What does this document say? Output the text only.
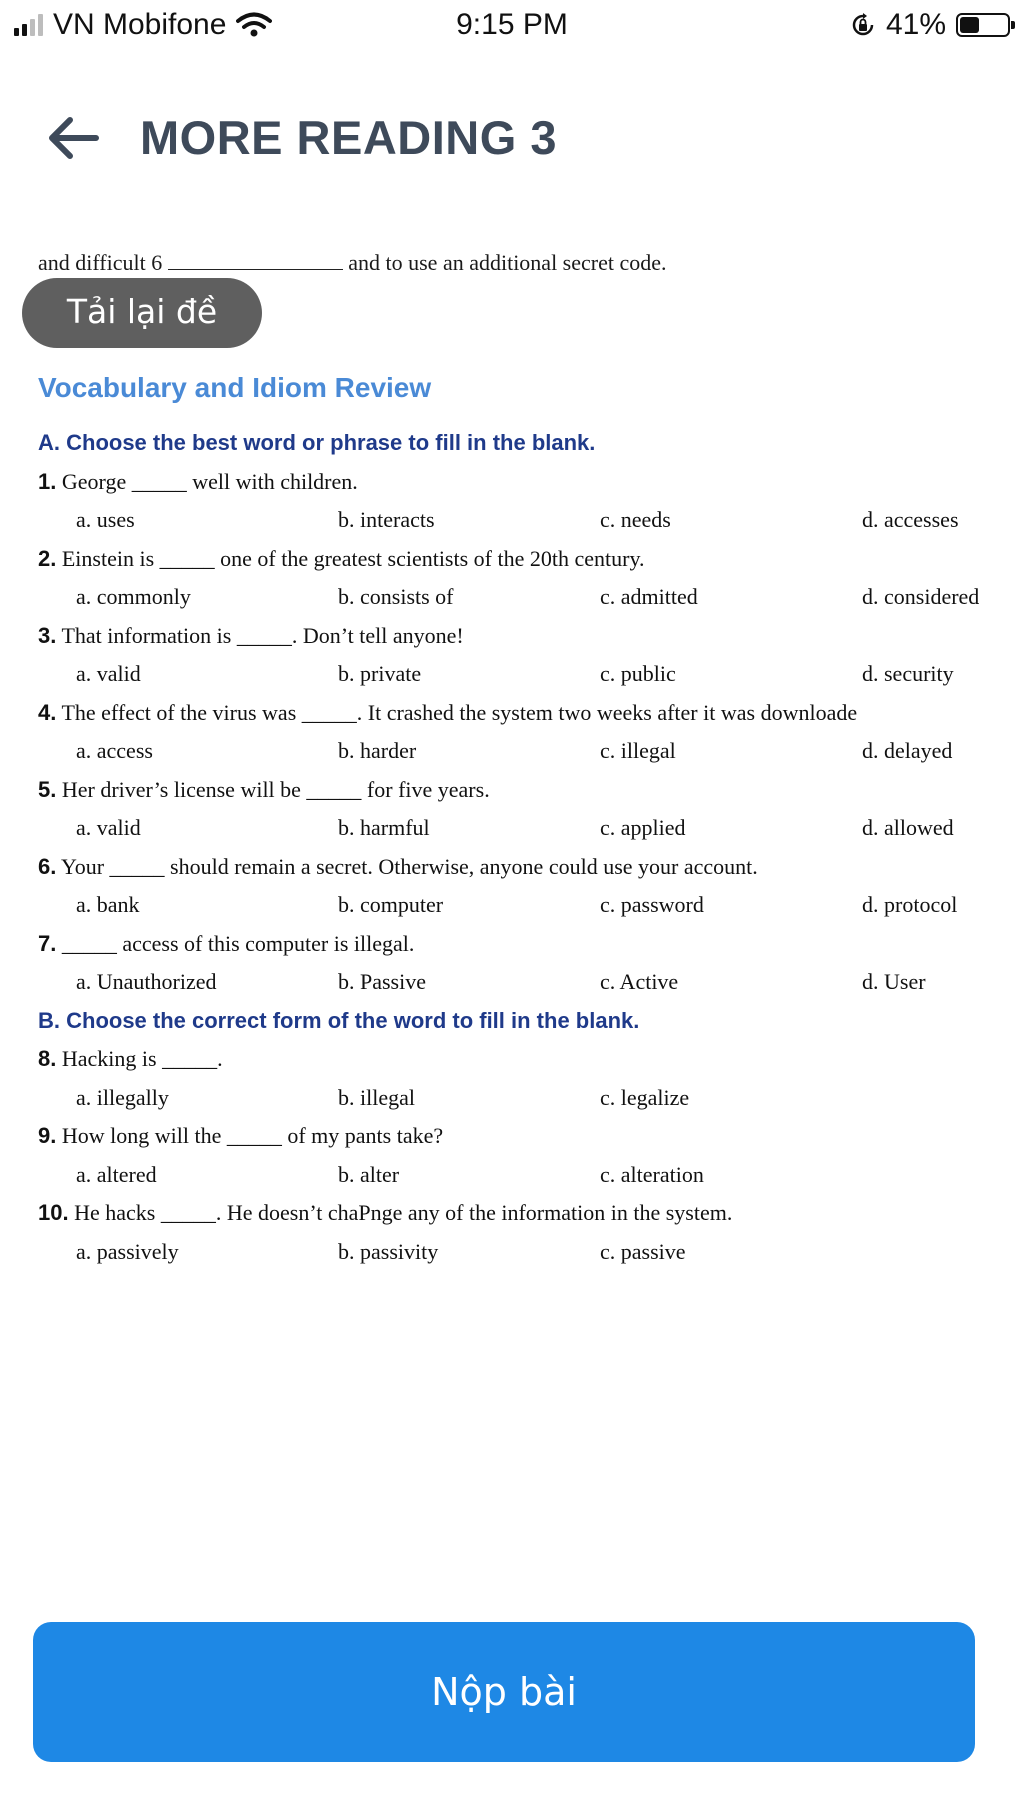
VN Mobifone	9:15 PM	41%
MORE READING 3
and difficult 6	and to use an additional secret code.
Tải lại đề
Vocabulary and Idiom Review
A. Choose the best word or phrase to fill in the blank.
1. George _____ well with children.
a. uses	b. interacts	c. needs	d. accesses
2. Einstein is _____ one of the greatest scientists of the 20th century.
a. commonly	b. consists of	c. admitted	d. considered
3. That information is _____. Don’t tell anyone!
a. valid	b. private	c. public	d. security
4. The effect of the virus was _____. It crashed the system two weeks after it was downloade
a. access	b. harder	c. illegal	d. delayed
5. Her driver’s license will be _____ for five years.
a. valid	b. harmful	c. applied	d. allowed
6. Your _____ should remain a secret. Otherwise, anyone could use your account.
a. bank	b. computer	c. password	d. protocol
7. _____ access of this computer is illegal.
a. Unauthorized	b. Passive	c. Active	d. User
B. Choose the correct form of the word to fill in the blank.
8. Hacking is _____.
a. illegally	b. illegal	c. legalize
9. How long will the _____ of my pants take?
a. altered	b. alter	c. alteration
10. He hacks _____. He doesn’t chaPnge any of the information in the system.
a. passively	b. passivity	c. passive
Nộp bài
